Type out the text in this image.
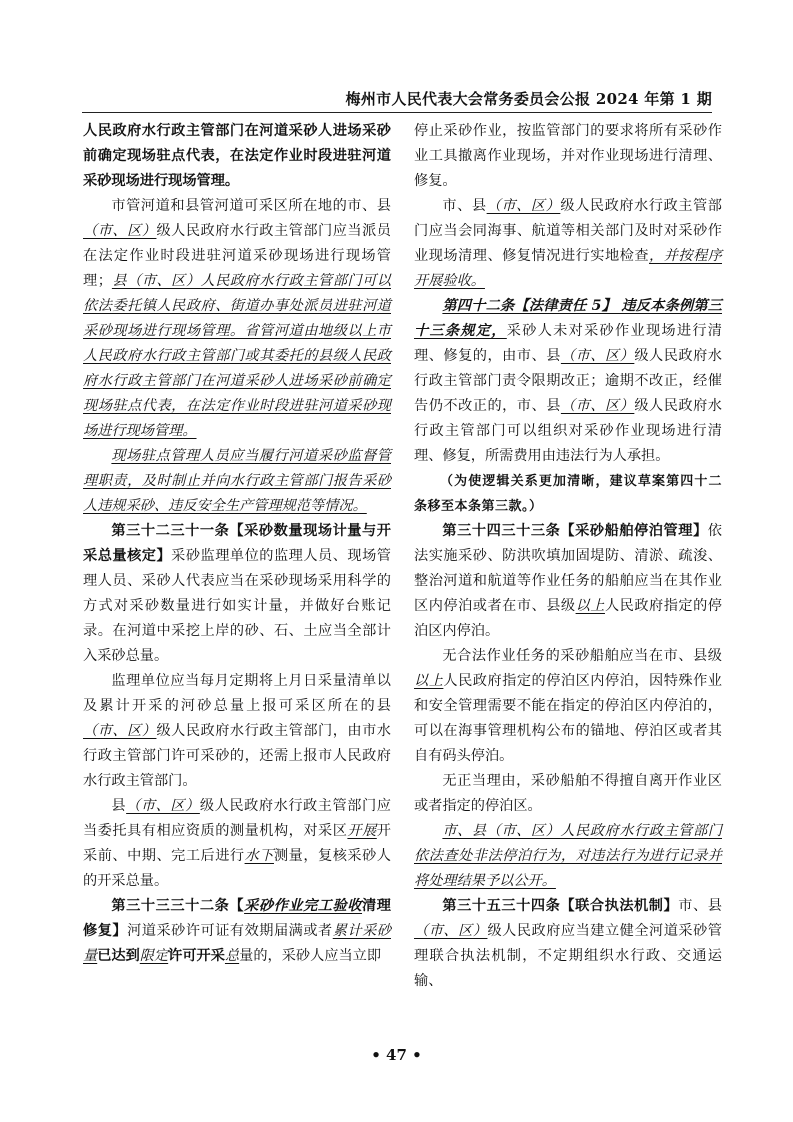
梅州市人民代表大会常务委员会公报 2024 年第 1 期

人民政府水行政主管部门在河道采砂人进场采砂前确定现场驻点代表，在法定作业时段进驻河道采砂现场进行现场管理。

市管河道和县管河道可采区所在地的市、县（市、区）级人民政府水行政主管部门应当派员在法定作业时段进驻河道采砂现场进行现场管理；县（市、区）人民政府水行政主管部门可以依法委托镇人民政府、街道办事处派员进驻河道采砂现场进行现场管理。省管河道由地级以上市人民政府水行政主管部门或其委托的县级人民政府水行政主管部门在河道采砂人进场采砂前确定现场驻点代表，在法定作业时段进驻河道采砂现场进行现场管理。

现场驻点管理人员应当履行河道采砂监督管理职责，及时制止并向水行政主管部门报告采砂人违规采砂、违反安全生产管理规范等情况。

第三十二三十一条【采砂数量现场计量与开采总量核定】采砂监理单位的监理人员、现场管理人员、采砂人代表应当在采砂现场采用科学的方式对采砂数量进行如实计量，并做好台账记录。在河道中采挖上岸的砂、石、土应当全部计入采砂总量。

监理单位应当每月定期将上月日采量清单以及累计开采的河砂总量上报可采区所在的县（市、区）级人民政府水行政主管部门，由市水行政主管部门许可采砂的，还需上报市人民政府水行政主管部门。

县（市、区）级人民政府水行政主管部门应当委托具有相应资质的测量机构，对采区开展开采前、中期、完工后进行水下测量，复核采砂人的开采总量。

第三十三三十二条【采砂作业完工验收清理修复】河道采砂许可证有效期届满或者累计采砂量已达到限定许可开采总量的，采砂人应当立即

停止采砂作业，按监管部门的要求将所有采砂作业工具撤离作业现场，并对作业现场进行清理、修复。

市、县（市、区）级人民政府水行政主管部门应当会同海事、航道等相关部门及时对采砂作业现场清理、修复情况进行实地检查，并按程序开展验收。

第四十二条【法律责任 5】 违反本条例第三十三条规定，采砂人未对采砂作业现场进行清理、修复的，由市、县（市、区）级人民政府水行政主管部门责令限期改正；逾期不改正，经催告仍不改正的，市、县（市、区）级人民政府水行政主管部门可以组织对采砂作业现场进行清理、修复，所需费用由违法行为人承担。

（为使逻辑关系更加清晰，建议草案第四十二条移至本条第三款。）

第三十四三十三条【采砂船舶停泊管理】依法实施采砂、防洪吹填加固堤防、清淤、疏浚、整治河道和航道等作业任务的船舶应当在其作业区内停泊或者在市、县级以上人民政府指定的停泊区内停泊。

无合法作业任务的采砂船舶应当在市、县级以上人民政府指定的停泊区内停泊，因特殊作业和安全管理需要不能在指定的停泊区内停泊的，可以在海事管理机构公布的锚地、停泊区或者其自有码头停泊。

无正当理由，采砂船舶不得擅自离开作业区或者指定的停泊区。

市、县（市、区）人民政府水行政主管部门依法查处非法停泊行为，对违法行为进行记录并将处理结果予以公开。

第三十五三十四条【联合执法机制】市、县（市、区）级人民政府应当建立健全河道采砂管理联合执法机制，不定期组织水行政、交通运输、

• 47 •
